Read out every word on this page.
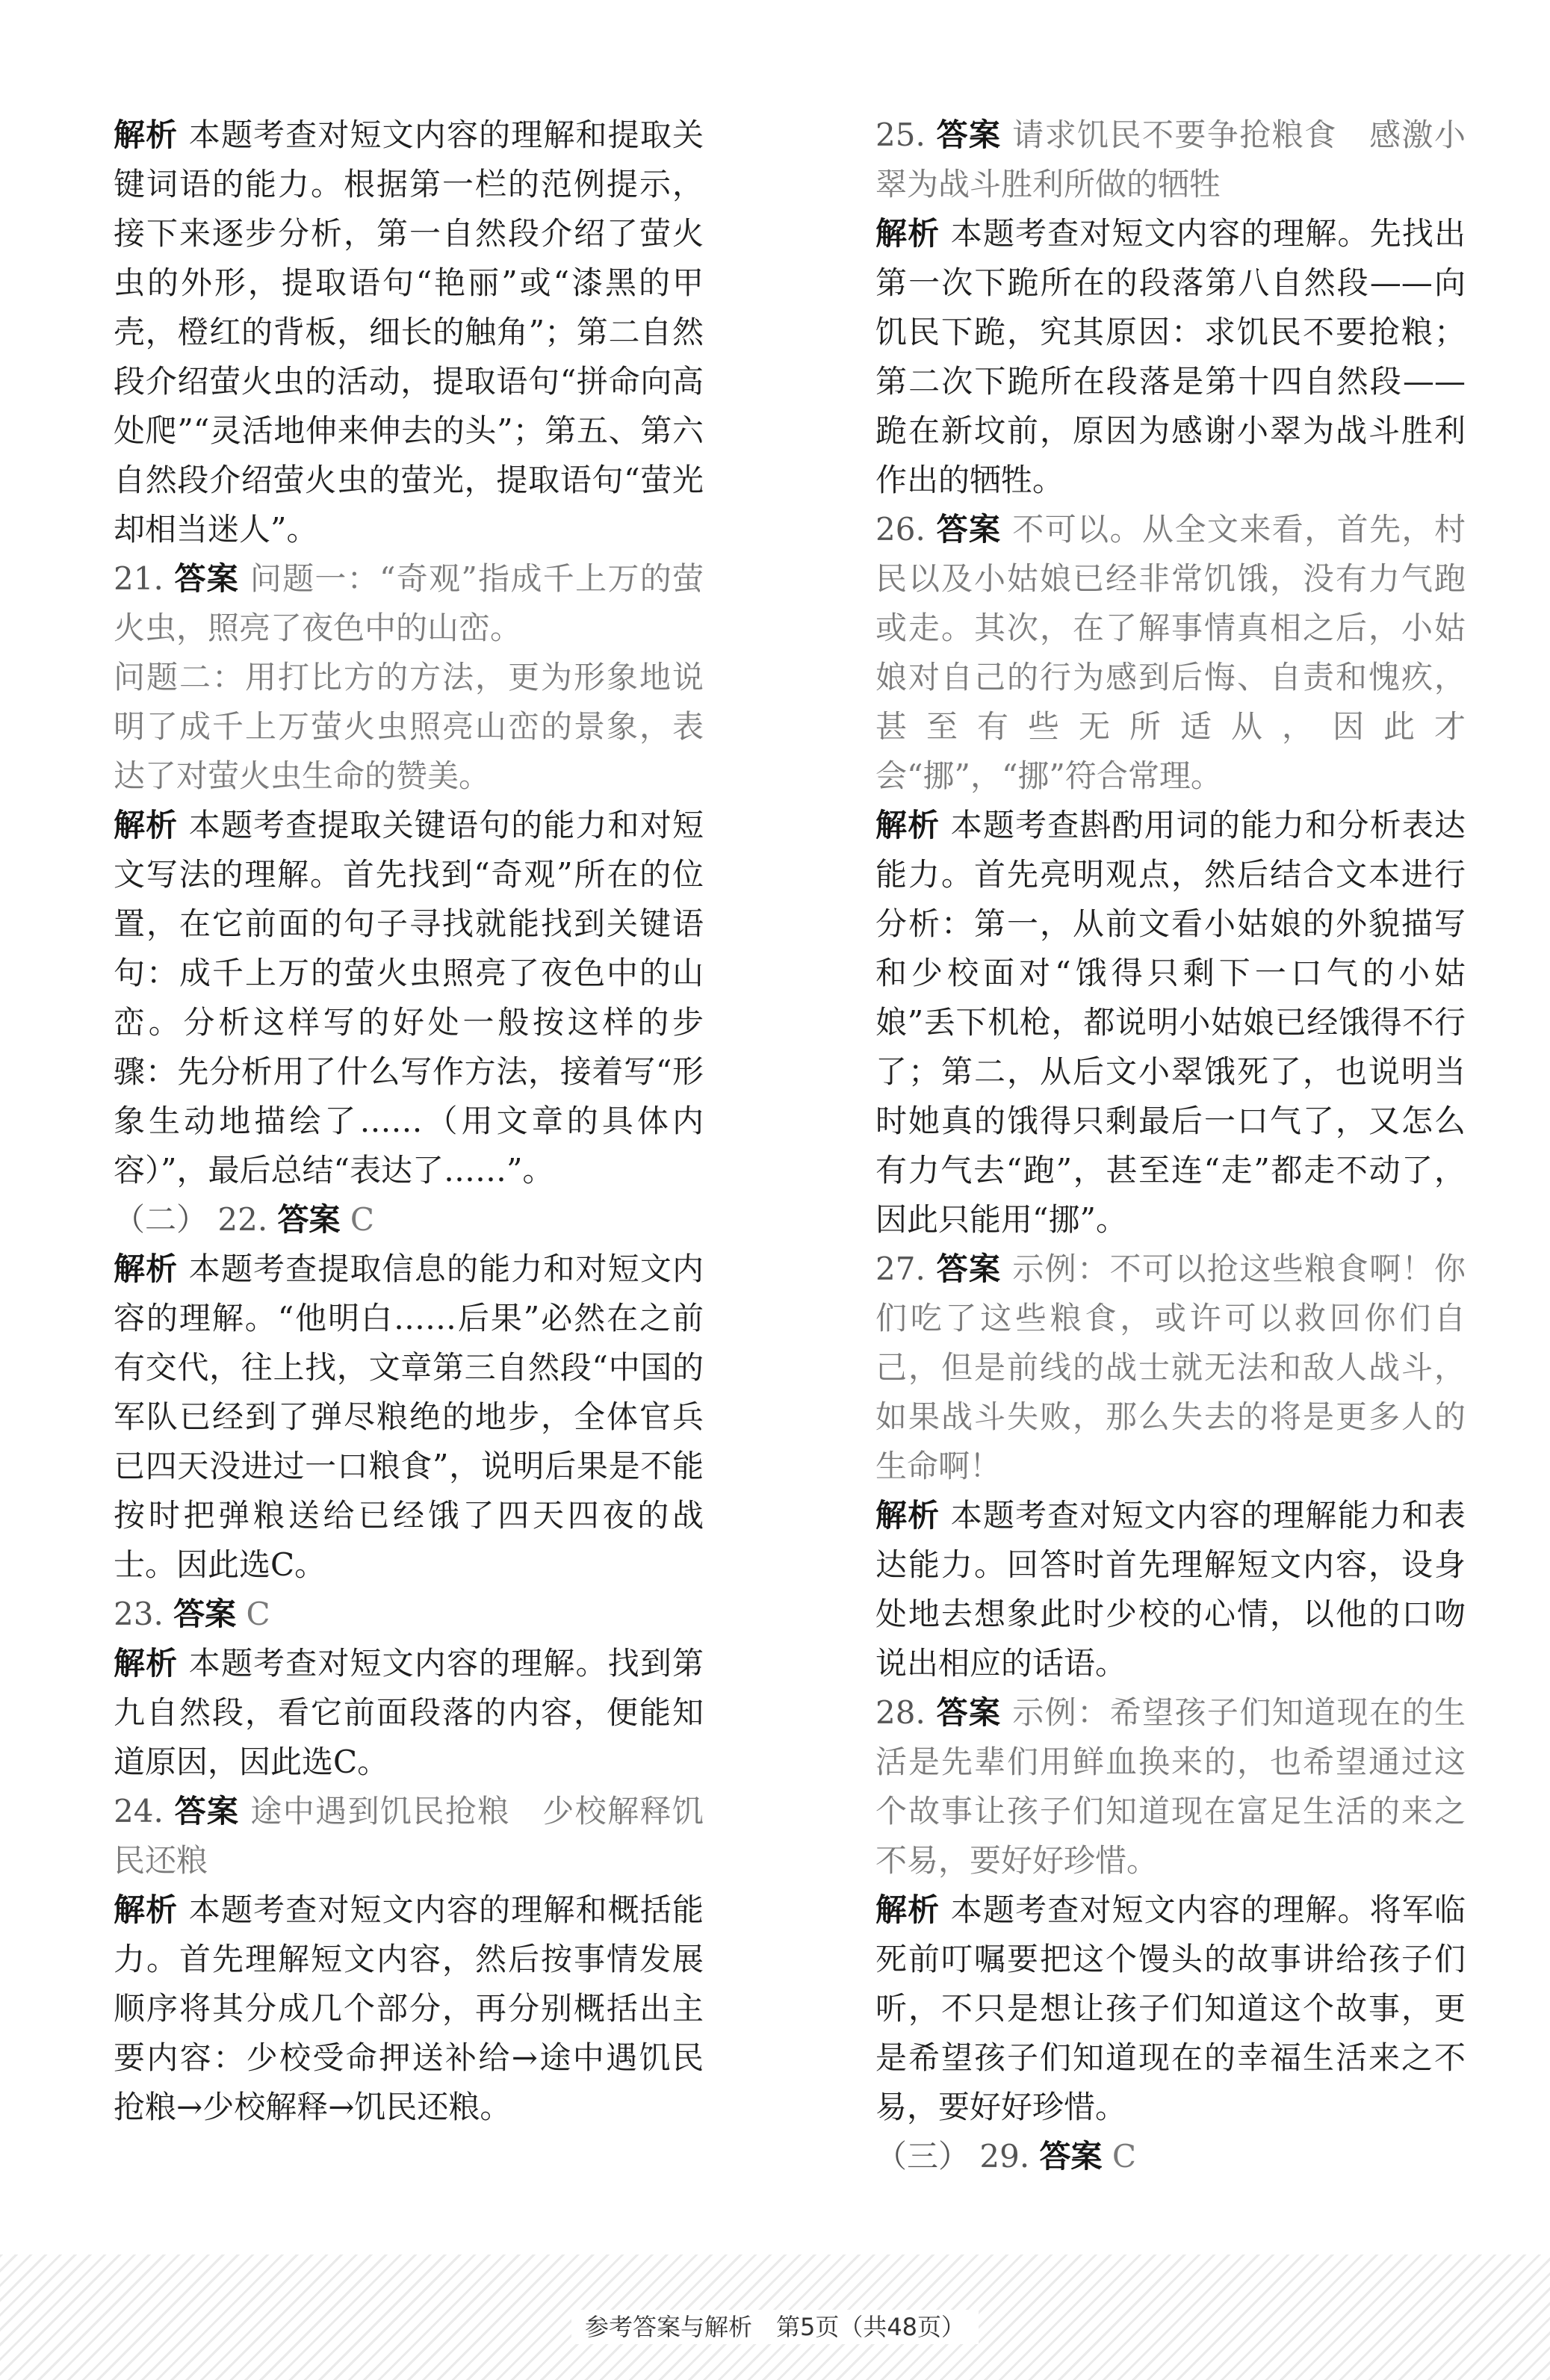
解析 本题考查对短文内容的理解和提取关键词语的能力。根据第一栏的范例提示，接下来逐步分析，第一自然段介绍了萤火虫的外形，提取语句“艳丽”或“漆黑的甲壳，橙红的背板，细长的触角”；第二自然段介绍萤火虫的活动，提取语句“拼命向高处爬”“灵活地伸来伸去的头”；第五、第六自然段介绍萤火虫的萤光，提取语句“萤光却相当迷人”。

21. 答案 问题一：“奇观”指成千上万的萤火虫，照亮了夜色中的山峦。

问题二：用打比方的方法，更为形象地说明了成千上万萤火虫照亮山峦的景象，表达了对萤火虫生命的赞美。

解析 本题考查提取关键语句的能力和对短文写法的理解。首先找到“奇观”所在的位置，在它前面的句子寻找就能找到关键语句：成千上万的萤火虫照亮了夜色中的山峦。分析这样写的好处一般按这样的步骤：先分析用了什么写作方法，接着写“形象生动地描绘了……（用文章的具体内容）”，最后总结“表达了……”。

（二） 22. 答案 C

解析 本题考查提取信息的能力和对短文内容的理解。“他明白……后果”必然在之前有交代，往上找，文章第三自然段“中国的军队已经到了弹尽粮绝的地步，全体官兵已四天没进过一口粮食”，说明后果是不能按时把弹粮送给已经饿了四天四夜的战士。因此选C。

23. 答案 C

解析 本题考查对短文内容的理解。找到第九自然段，看它前面段落的内容，便能知道原因，因此选C。

24. 答案 途中遇到饥民抢粮　少校解释饥民还粮

解析 本题考查对短文内容的理解和概括能力。首先理解短文内容，然后按事情发展顺序将其分成几个部分，再分别概括出主要内容：少校受命押送补给→途中遇饥民抢粮→少校解释→饥民还粮。

25. 答案 请求饥民不要争抢粮食　感激小翠为战斗胜利所做的牺牲

解析 本题考查对短文内容的理解。先找出第一次下跪所在的段落第八自然段——向饥民下跪，究其原因：求饥民不要抢粮；第二次下跪所在段落是第十四自然段——跪在新坟前，原因为感谢小翠为战斗胜利作出的牺牲。

26. 答案 不可以。从全文来看，首先，村民以及小姑娘已经非常饥饿，没有力气跑或走。其次，在了解事情真相之后，小姑娘对自己的行为感到后悔、自责和愧疚，甚至有些无所适从，因此才会“挪”，“挪”符合常理。

解析 本题考查斟酌用词的能力和分析表达能力。首先亮明观点，然后结合文本进行分析：第一，从前文看小姑娘的外貌描写和少校面对“饿得只剩下一口气的小姑娘”丢下机枪，都说明小姑娘已经饿得不行了；第二，从后文小翠饿死了，也说明当时她真的饿得只剩最后一口气了，又怎么有力气去“跑”，甚至连“走”都走不动了，因此只能用“挪”。

27. 答案 示例：不可以抢这些粮食啊！你们吃了这些粮食，或许可以救回你们自己，但是前线的战士就无法和敌人战斗，如果战斗失败，那么失去的将是更多人的生命啊！

解析 本题考查对短文内容的理解能力和表达能力。回答时首先理解短文内容，设身处地去想象此时少校的心情，以他的口吻说出相应的话语。

28. 答案 示例：希望孩子们知道现在的生活是先辈们用鲜血换来的，也希望通过这个故事让孩子们知道现在富足生活的来之不易，要好好珍惜。

解析 本题考查对短文内容的理解。将军临死前叮嘱要把这个馒头的故事讲给孩子们听，不只是想让孩子们知道这个故事，更是希望孩子们知道现在的幸福生活来之不易，要好好珍惜。

（三） 29. 答案 C

参考答案与解析　第5页（共48页）
